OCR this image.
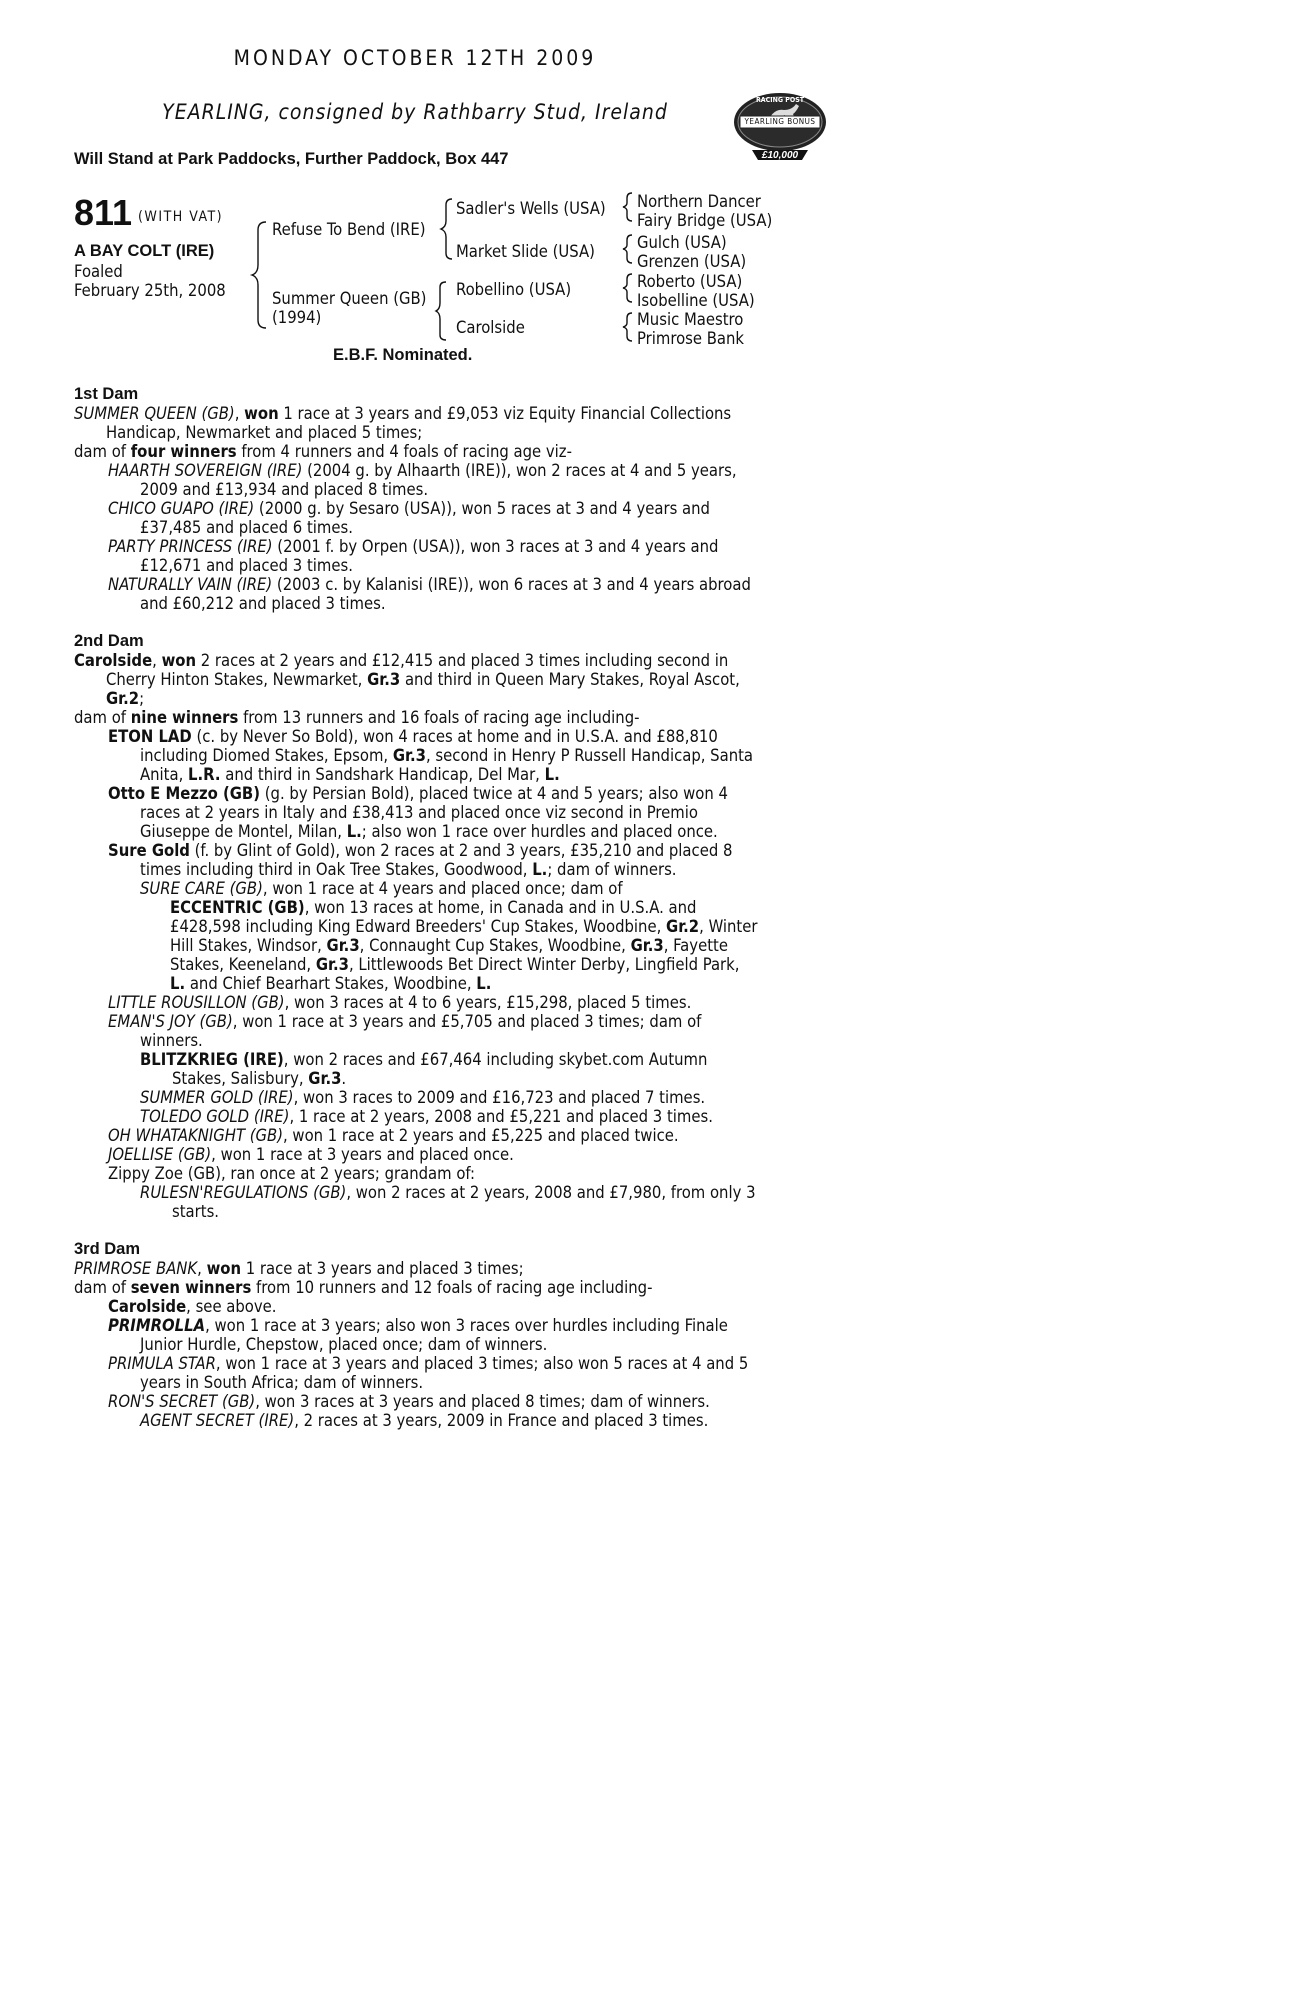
MONDAY OCTOBER 12TH 2009
YEARLING, consigned by Rathbarry Stud, Ireland
Will Stand at Park Paddocks, Further Paddock, Box 447
RACING POST
YEARLING BONUS
£10,000
811 (WITH VAT)
A BAY COLT (IRE)
Foaled
February 25th, 2008
Refuse To Bend (IRE)
Summer Queen (GB)
(1994)
Sadler's Wells (USA)
Market Slide (USA)
Robellino (USA)
Carolside
Northern Dancer
Fairy Bridge (USA)
Gulch (USA)
Grenzen (USA)
Roberto (USA)
Isobelline (USA)
Music Maestro
Primrose Bank
E.B.F. Nominated.

1st Dam

SUMMER QUEEN (GB), won 1 race at 3 years and £9,053 viz Equity Financial Collections Handicap, Newmarket and placed 5 times;

dam of four winners from 4 runners and 4 foals of racing age viz-

HAARTH SOVEREIGN (IRE) (2004 g. by Alhaarth (IRE)), won 2 races at 4 and 5 years, 2009 and £13,934 and placed 8 times.

CHICO GUAPO (IRE) (2000 g. by Sesaro (USA)), won 5 races at 3 and 4 years and £37,485 and placed 6 times.

PARTY PRINCESS (IRE) (2001 f. by Orpen (USA)), won 3 races at 3 and 4 years and £12,671 and placed 3 times.

NATURALLY VAIN (IRE) (2003 c. by Kalanisi (IRE)), won 6 races at 3 and 4 years abroad and £60,212 and placed 3 times.

2nd Dam

Carolside, won 2 races at 2 years and £12,415 and placed 3 times including second in Cherry Hinton Stakes, Newmarket, Gr.3 and third in Queen Mary Stakes, Royal Ascot, Gr.2;

dam of nine winners from 13 runners and 16 foals of racing age including-

ETON LAD (c. by Never So Bold), won 4 races at home and in U.S.A. and £88,810 including Diomed Stakes, Epsom, Gr.3, second in Henry P Russell Handicap, Santa Anita, L.R. and third in Sandshark Handicap, Del Mar, L.

Otto E Mezzo (GB) (g. by Persian Bold), placed twice at 4 and 5 years; also won 4 races at 2 years in Italy and £38,413 and placed once viz second in Premio Giuseppe de Montel, Milan, L.; also won 1 race over hurdles and placed once.

Sure Gold (f. by Glint of Gold), won 2 races at 2 and 3 years, £35,210 and placed 8 times including third in Oak Tree Stakes, Goodwood, L.; dam of winners.

SURE CARE (GB), won 1 race at 4 years and placed once; dam of

ECCENTRIC (GB), won 13 races at home, in Canada and in U.S.A. and £428,598 including King Edward Breeders' Cup Stakes, Woodbine, Gr.2, Winter Hill Stakes, Windsor, Gr.3, Connaught Cup Stakes, Woodbine, Gr.3, Fayette Stakes, Keeneland, Gr.3, Littlewoods Bet Direct Winter Derby, Lingfield Park, L. and Chief Bearhart Stakes, Woodbine, L.

LITTLE ROUSILLON (GB), won 3 races at 4 to 6 years, £15,298, placed 5 times.

EMAN'S JOY (GB), won 1 race at 3 years and £5,705 and placed 3 times; dam of winners.

BLITZKRIEG (IRE), won 2 races and £67,464 including skybet.com Autumn Stakes, Salisbury, Gr.3.

SUMMER GOLD (IRE), won 3 races to 2009 and £16,723 and placed 7 times.

TOLEDO GOLD (IRE), 1 race at 2 years, 2008 and £5,221 and placed 3 times.

OH WHATAKNIGHT (GB), won 1 race at 2 years and £5,225 and placed twice.

JOELLISE (GB), won 1 race at 3 years and placed once.

Zippy Zoe (GB), ran once at 2 years; grandam of:

RULESN'REGULATIONS (GB), won 2 races at 2 years, 2008 and £7,980, from only 3 starts.

3rd Dam

PRIMROSE BANK, won 1 race at 3 years and placed 3 times;

dam of seven winners from 10 runners and 12 foals of racing age including-

Carolside, see above.

PRIMROLLA, won 1 race at 3 years; also won 3 races over hurdles including Finale Junior Hurdle, Chepstow, placed once; dam of winners.

PRIMULA STAR, won 1 race at 3 years and placed 3 times; also won 5 races at 4 and 5 years in South Africa; dam of winners.

RON'S SECRET (GB), won 3 races at 3 years and placed 8 times; dam of winners.

AGENT SECRET (IRE), 2 races at 3 years, 2009 in France and placed 3 times.
